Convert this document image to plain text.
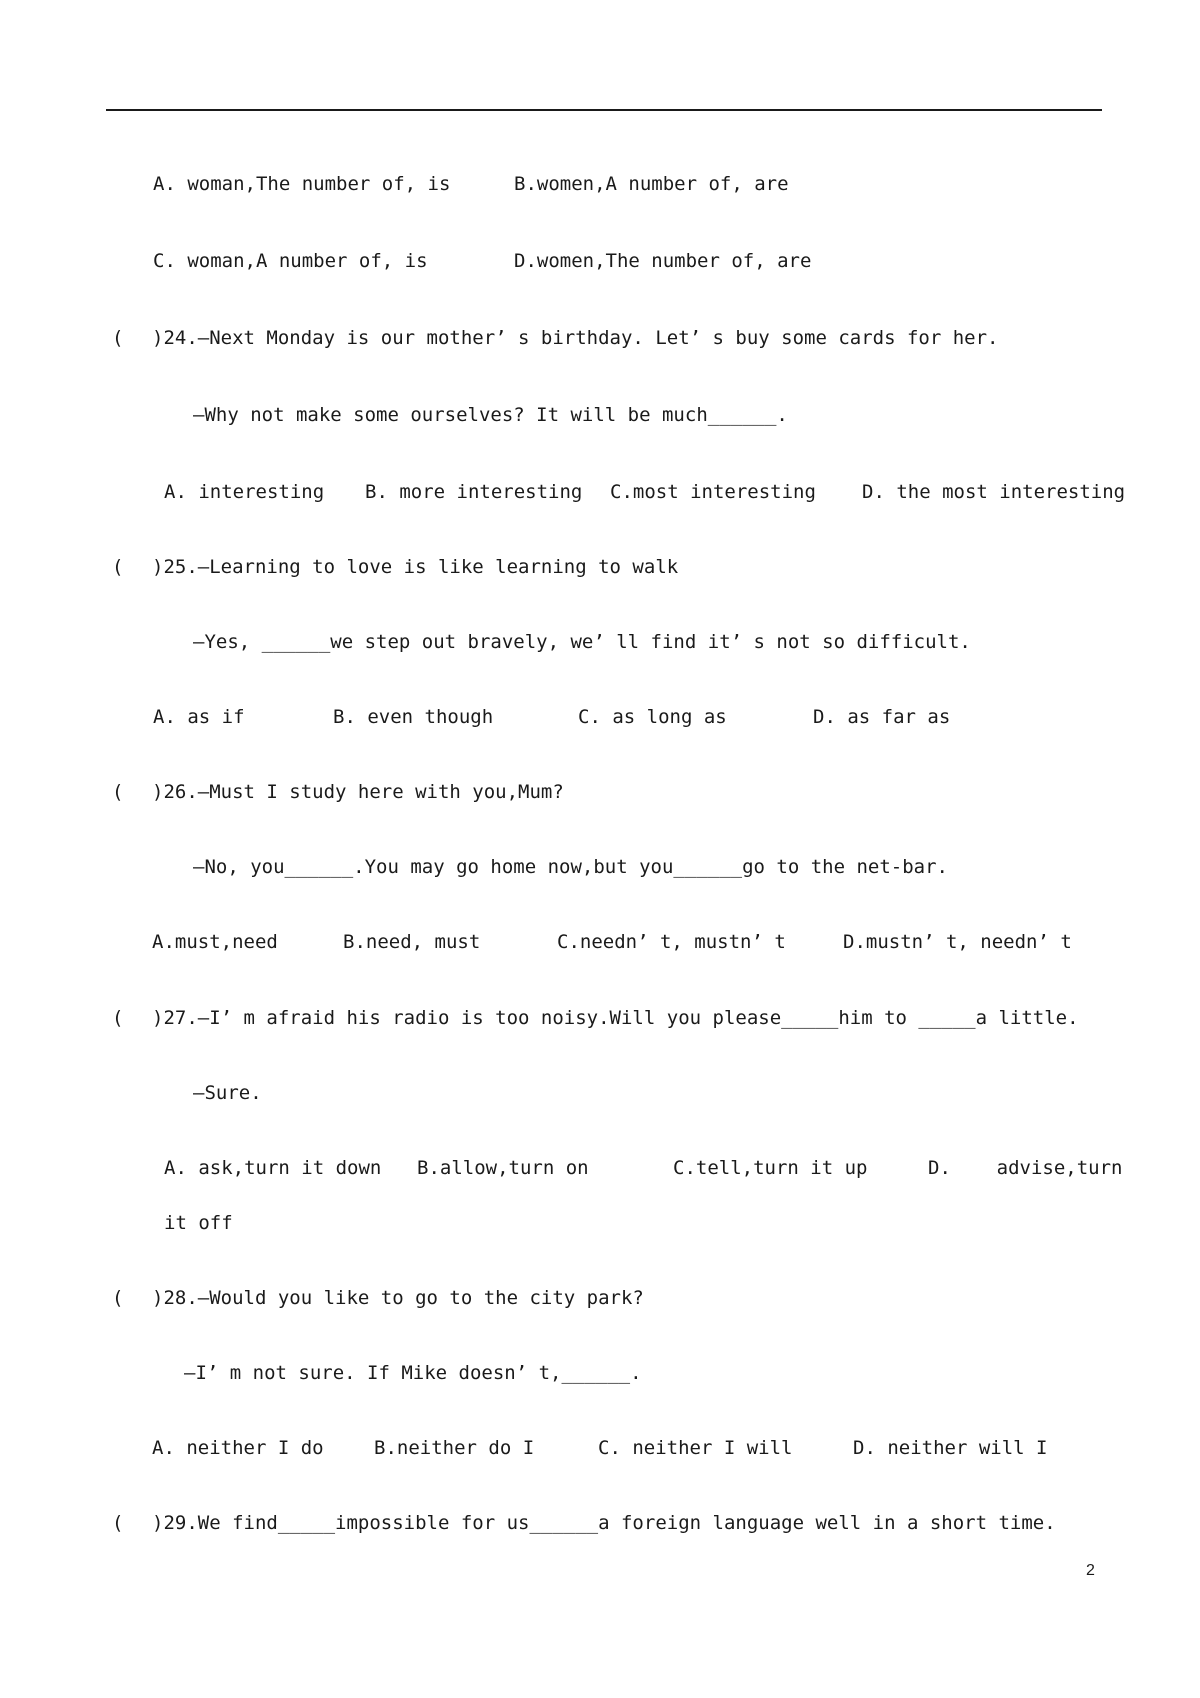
A. woman,The number of, is	B.women,A number of, are
C. woman,A number of, is	D.women,The number of, are
( )24.—Next Monday is our mother’ s birthday. Let’ s buy some cards for her.
—Why not make some ourselves? It will be much______.
A. interesting B. more interesting C.most interesting D. the most interesting
( )25.—Learning to love is like learning to walk
—Yes, ______we step out bravely, we’ ll find it’ s not so difficult.
A. as if	B. even though	C. as long as	D. as far as
( )26.—Must I study here with you,Mum?
—No, you______.You may go home now,but you______go to the net-bar.
A.must,need	B.need, must	C.needn’ t, mustn’ t	D.mustn’ t, needn’ t
( )27.—I’ m afraid his radio is too noisy.Will you please_____him to _____a little.
—Sure.
A. ask,turn it down B.allow,turn on	C.tell,turn it up	D.    advise,turn
it off
( )28.—Would you like to go to the city park?
—I’ m not sure. If Mike doesn’ t,______.
A. neither I do	B.neither do I	C. neither I will	D. neither will I
( )29.We find_____impossible for us______a foreign language well in a short time.
2
